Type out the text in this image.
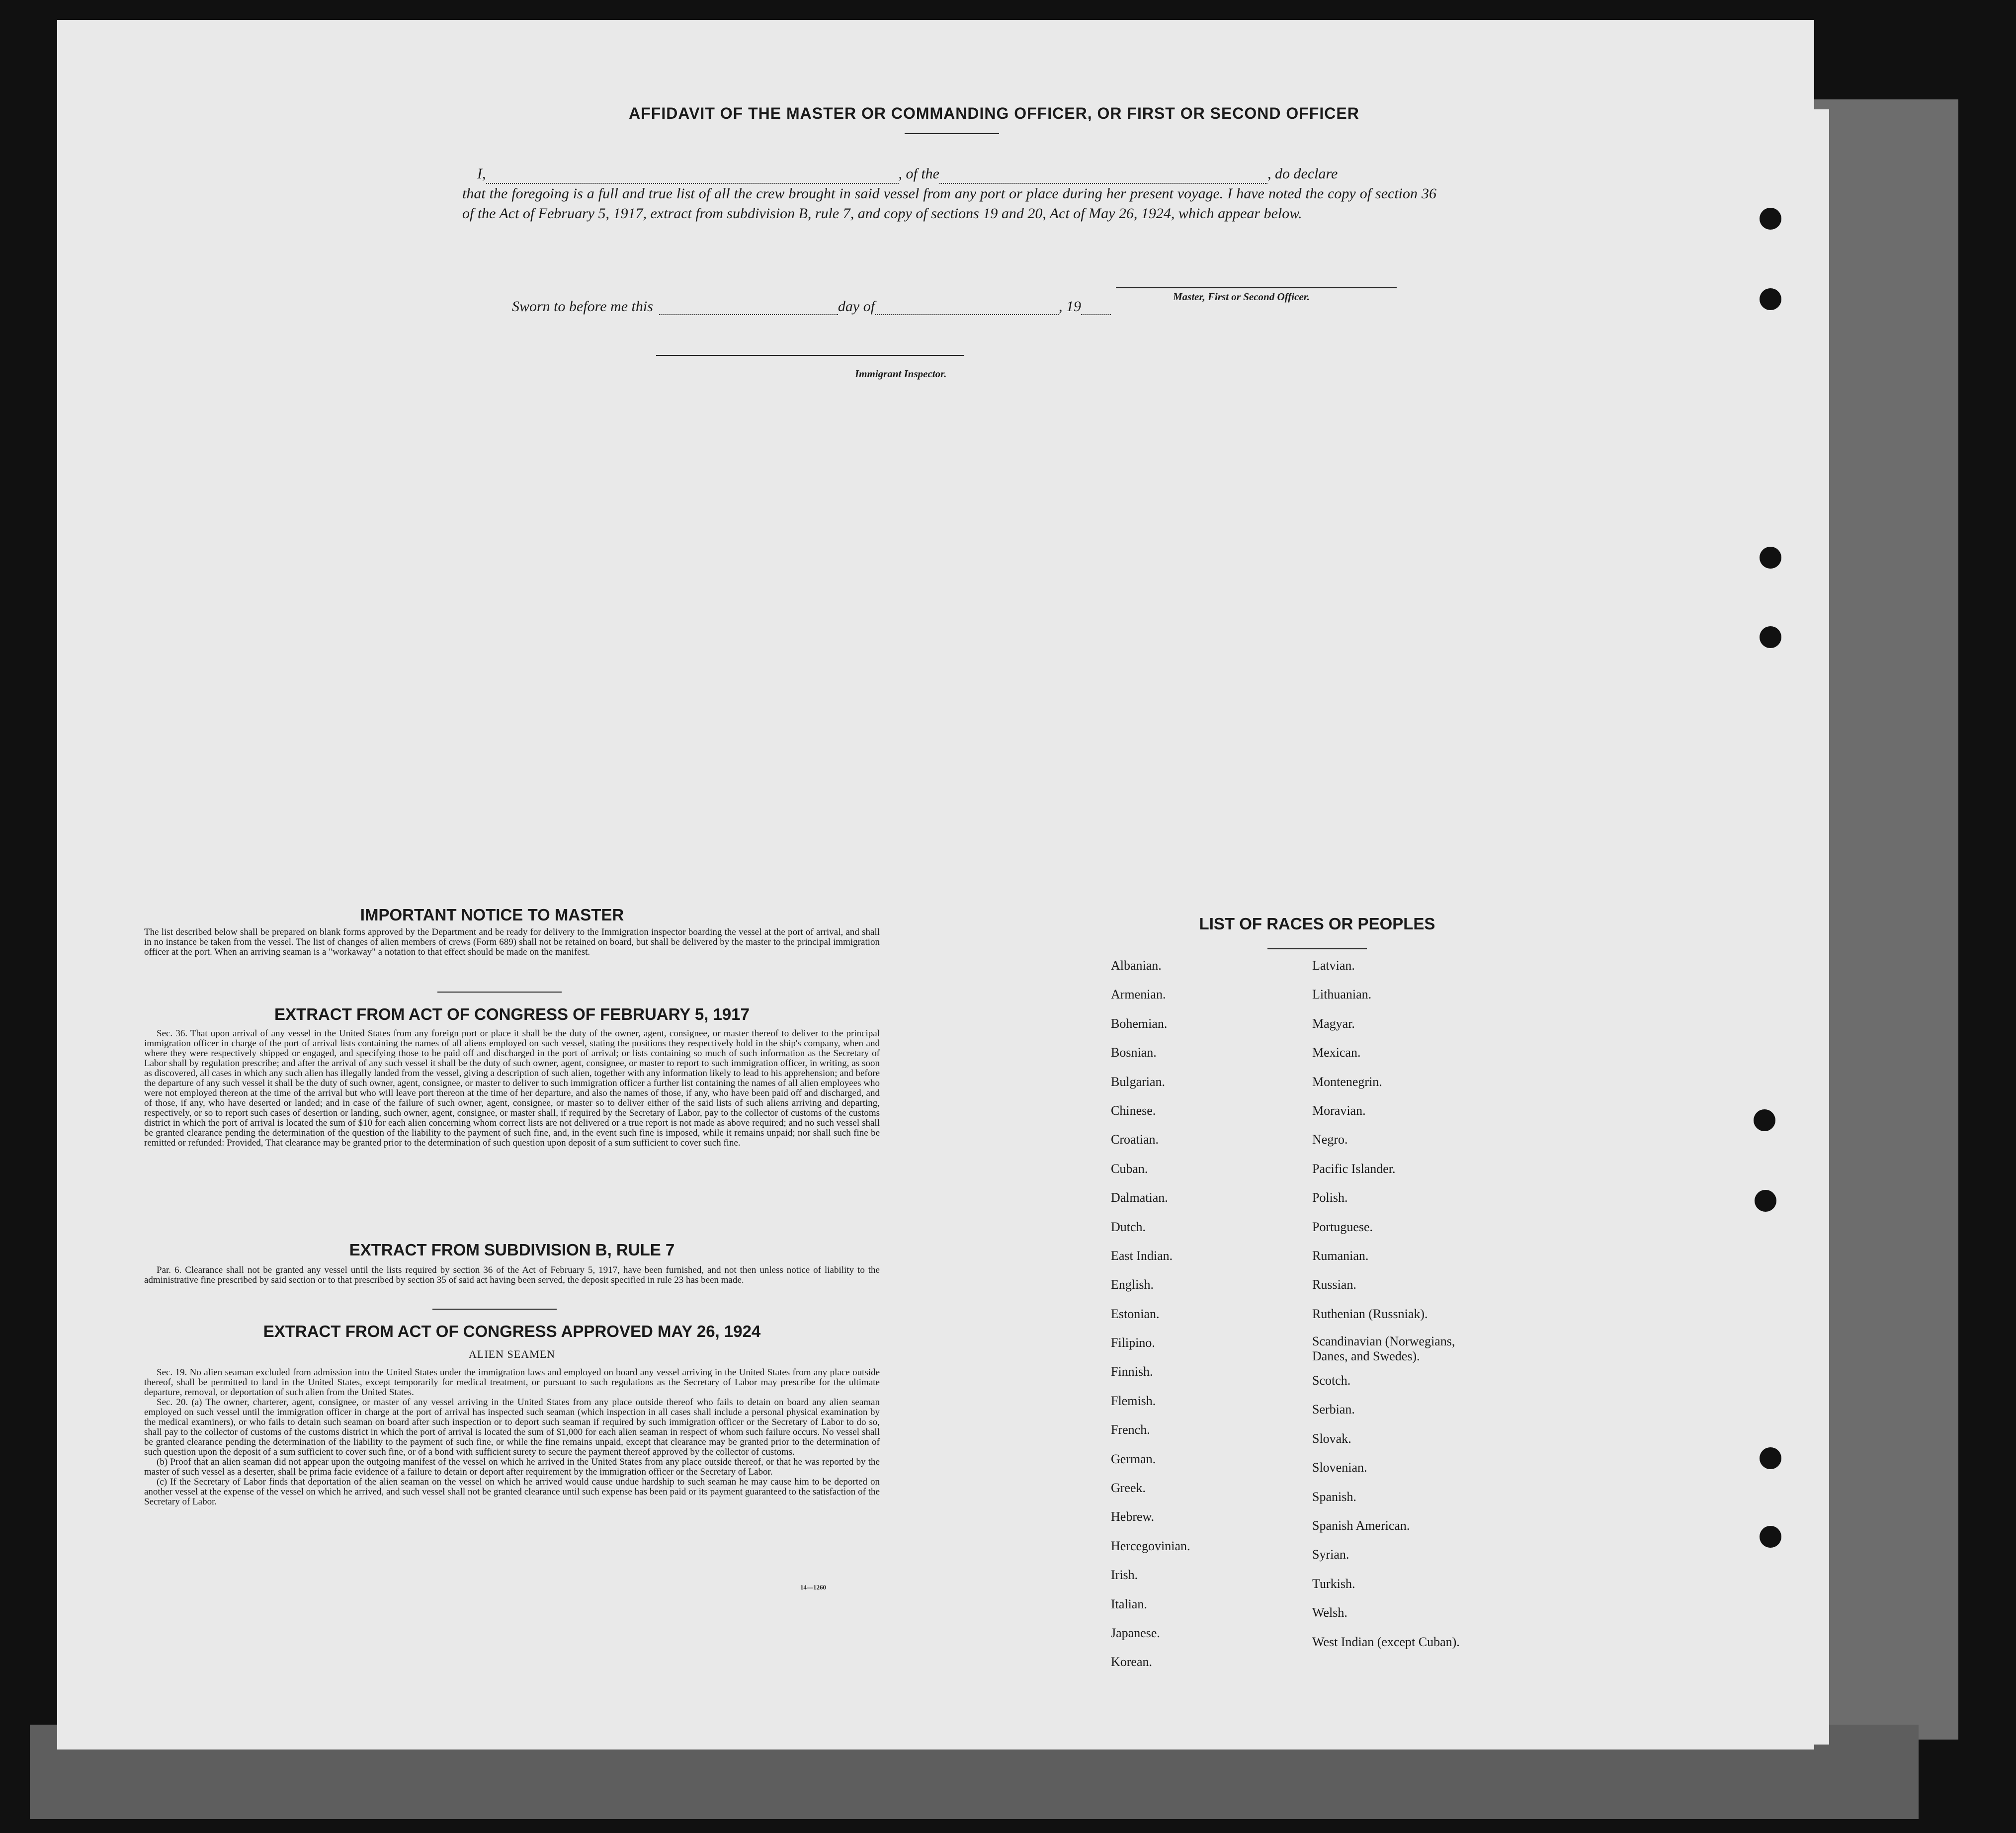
AFFIDAVIT OF THE MASTER OR COMMANDING OFFICER, OR FIRST OR SECOND OFFICER
I,	, of the	, do declare
that the foregoing is a full and true list of all the crew brought in said vessel from any port or place during her present voyage. I have noted the copy of section 36 of the Act of February 5, 1917, extract from subdivision B, rule 7, and copy of sections 19 and 20, Act of May 26, 1924, which appear below.
Master, First or Second Officer.
Sworn to before me this	day of	, 19
Immigrant Inspector.
IMPORTANT NOTICE TO MASTER
The list described below shall be prepared on blank forms approved by the Department and be ready for delivery to the Immigration inspector boarding the vessel at the port of arrival, and shall in no instance be taken from the vessel. The list of changes of alien members of crews (Form 689) shall not be retained on board, but shall be delivered by the master to the principal immigration officer at the port. When an arriving seaman is a "workaway" a notation to that effect should be made on the manifest.
EXTRACT FROM ACT OF CONGRESS OF FEBRUARY 5, 1917
Sec. 36. That upon arrival of any vessel in the United States from any foreign port or place it shall be the duty of the owner, agent, consignee, or master thereof to deliver to the principal immigration officer in charge of the port of arrival lists containing the names of all aliens employed on such vessel, stating the positions they respectively hold in the ship's company, when and where they were respectively shipped or engaged, and specifying those to be paid off and discharged in the port of arrival; or lists containing so much of such information as the Secretary of Labor shall by regulation prescribe; and after the arrival of any such vessel it shall be the duty of such owner, agent, consignee, or master to report to such immigration officer, in writing, as soon as discovered, all cases in which any such alien has illegally landed from the vessel, giving a description of such alien, together with any information likely to lead to his apprehension; and before the departure of any such vessel it shall be the duty of such owner, agent, consignee, or master to deliver to such immigration officer a further list containing the names of all alien employees who were not employed thereon at the time of the arrival but who will leave port thereon at the time of her departure, and also the names of those, if any, who have been paid off and discharged, and of those, if any, who have deserted or landed; and in case of the failure of such owner, agent, consignee, or master so to deliver either of the said lists of such aliens arriving and departing, respectively, or so to report such cases of desertion or landing, such owner, agent, consignee, or master shall, if required by the Secretary of Labor, pay to the collector of customs of the customs district in which the port of arrival is located the sum of $10 for each alien concerning whom correct lists are not delivered or a true report is not made as above required; and no such vessel shall be granted clearance pending the determination of the question of the liability to the payment of such fine, and, in the event such fine is imposed, while it remains unpaid; nor shall such fine be remitted or refunded: Provided, That clearance may be granted prior to the determination of such question upon deposit of a sum sufficient to cover such fine.
EXTRACT FROM SUBDIVISION B, RULE 7
Par. 6. Clearance shall not be granted any vessel until the lists required by section 36 of the Act of February 5, 1917, have been furnished, and not then unless notice of liability to the administrative fine prescribed by said section or to that prescribed by section 35 of said act having been served, the deposit specified in rule 23 has been made.
EXTRACT FROM ACT OF CONGRESS APPROVED MAY 26, 1924
ALIEN SEAMEN
Sec. 19. No alien seaman excluded from admission into the United States under the immigration laws and employed on board any vessel arriving in the United States from any place outside thereof, shall be permitted to land in the United States, except temporarily for medical treatment, or pursuant to such regulations as the Secretary of Labor may prescribe for the ultimate departure, removal, or deportation of such alien from the United States.
Sec. 20. (a) The owner, charterer, agent, consignee, or master of any vessel arriving in the United States from any place outside thereof who fails to detain on board any alien seaman employed on such vessel until the immigration officer in charge at the port of arrival has inspected such seaman (which inspection in all cases shall include a personal physical examination by the medical examiners), or who fails to detain such seaman on board after such inspection or to deport such seaman if required by such immigration officer or the Secretary of Labor to do so, shall pay to the collector of customs of the customs district in which the port of arrival is located the sum of $1,000 for each alien seaman in respect of whom such failure occurs. No vessel shall be granted clearance pending the determination of the liability to the payment of such fine, or while the fine remains unpaid, except that clearance may be granted prior to the determination of such question upon the deposit of a sum sufficient to cover such fine, or of a bond with sufficient surety to secure the payment thereof approved by the collector of customs.
(b) Proof that an alien seaman did not appear upon the outgoing manifest of the vessel on which he arrived in the United States from any place outside thereof, or that he was reported by the master of such vessel as a deserter, shall be prima facie evidence of a failure to detain or deport after requirement by the immigration officer or the Secretary of Labor.
(c) If the Secretary of Labor finds that deportation of the alien seaman on the vessel on which he arrived would cause undue hardship to such seaman he may cause him to be deported on another vessel at the expense of the vessel on which he arrived, and such vessel shall not be granted clearance until such expense has been paid or its payment guaranteed to the satisfaction of the Secretary of Labor.
14—1260
LIST OF RACES OR PEOPLES
Albanian.
Armenian.
Bohemian.
Bosnian.
Bulgarian.
Chinese.
Croatian.
Cuban.
Dalmatian.
Dutch.
East Indian.
English.
Estonian.
Filipino.
Finnish.
Flemish.
French.
German.
Greek.
Hebrew.
Hercegovinian.
Irish.
Italian.
Japanese.
Korean.
Latvian.
Lithuanian.
Magyar.
Mexican.
Montenegrin.
Moravian.
Negro.
Pacific Islander.
Polish.
Portuguese.
Rumanian.
Russian.
Ruthenian (Russniak).
Scandinavian (Norwegians, Danes, and Swedes).
Scotch.
Serbian.
Slovak.
Slovenian.
Spanish.
Spanish American.
Syrian.
Turkish.
Welsh.
West Indian (except Cuban).
